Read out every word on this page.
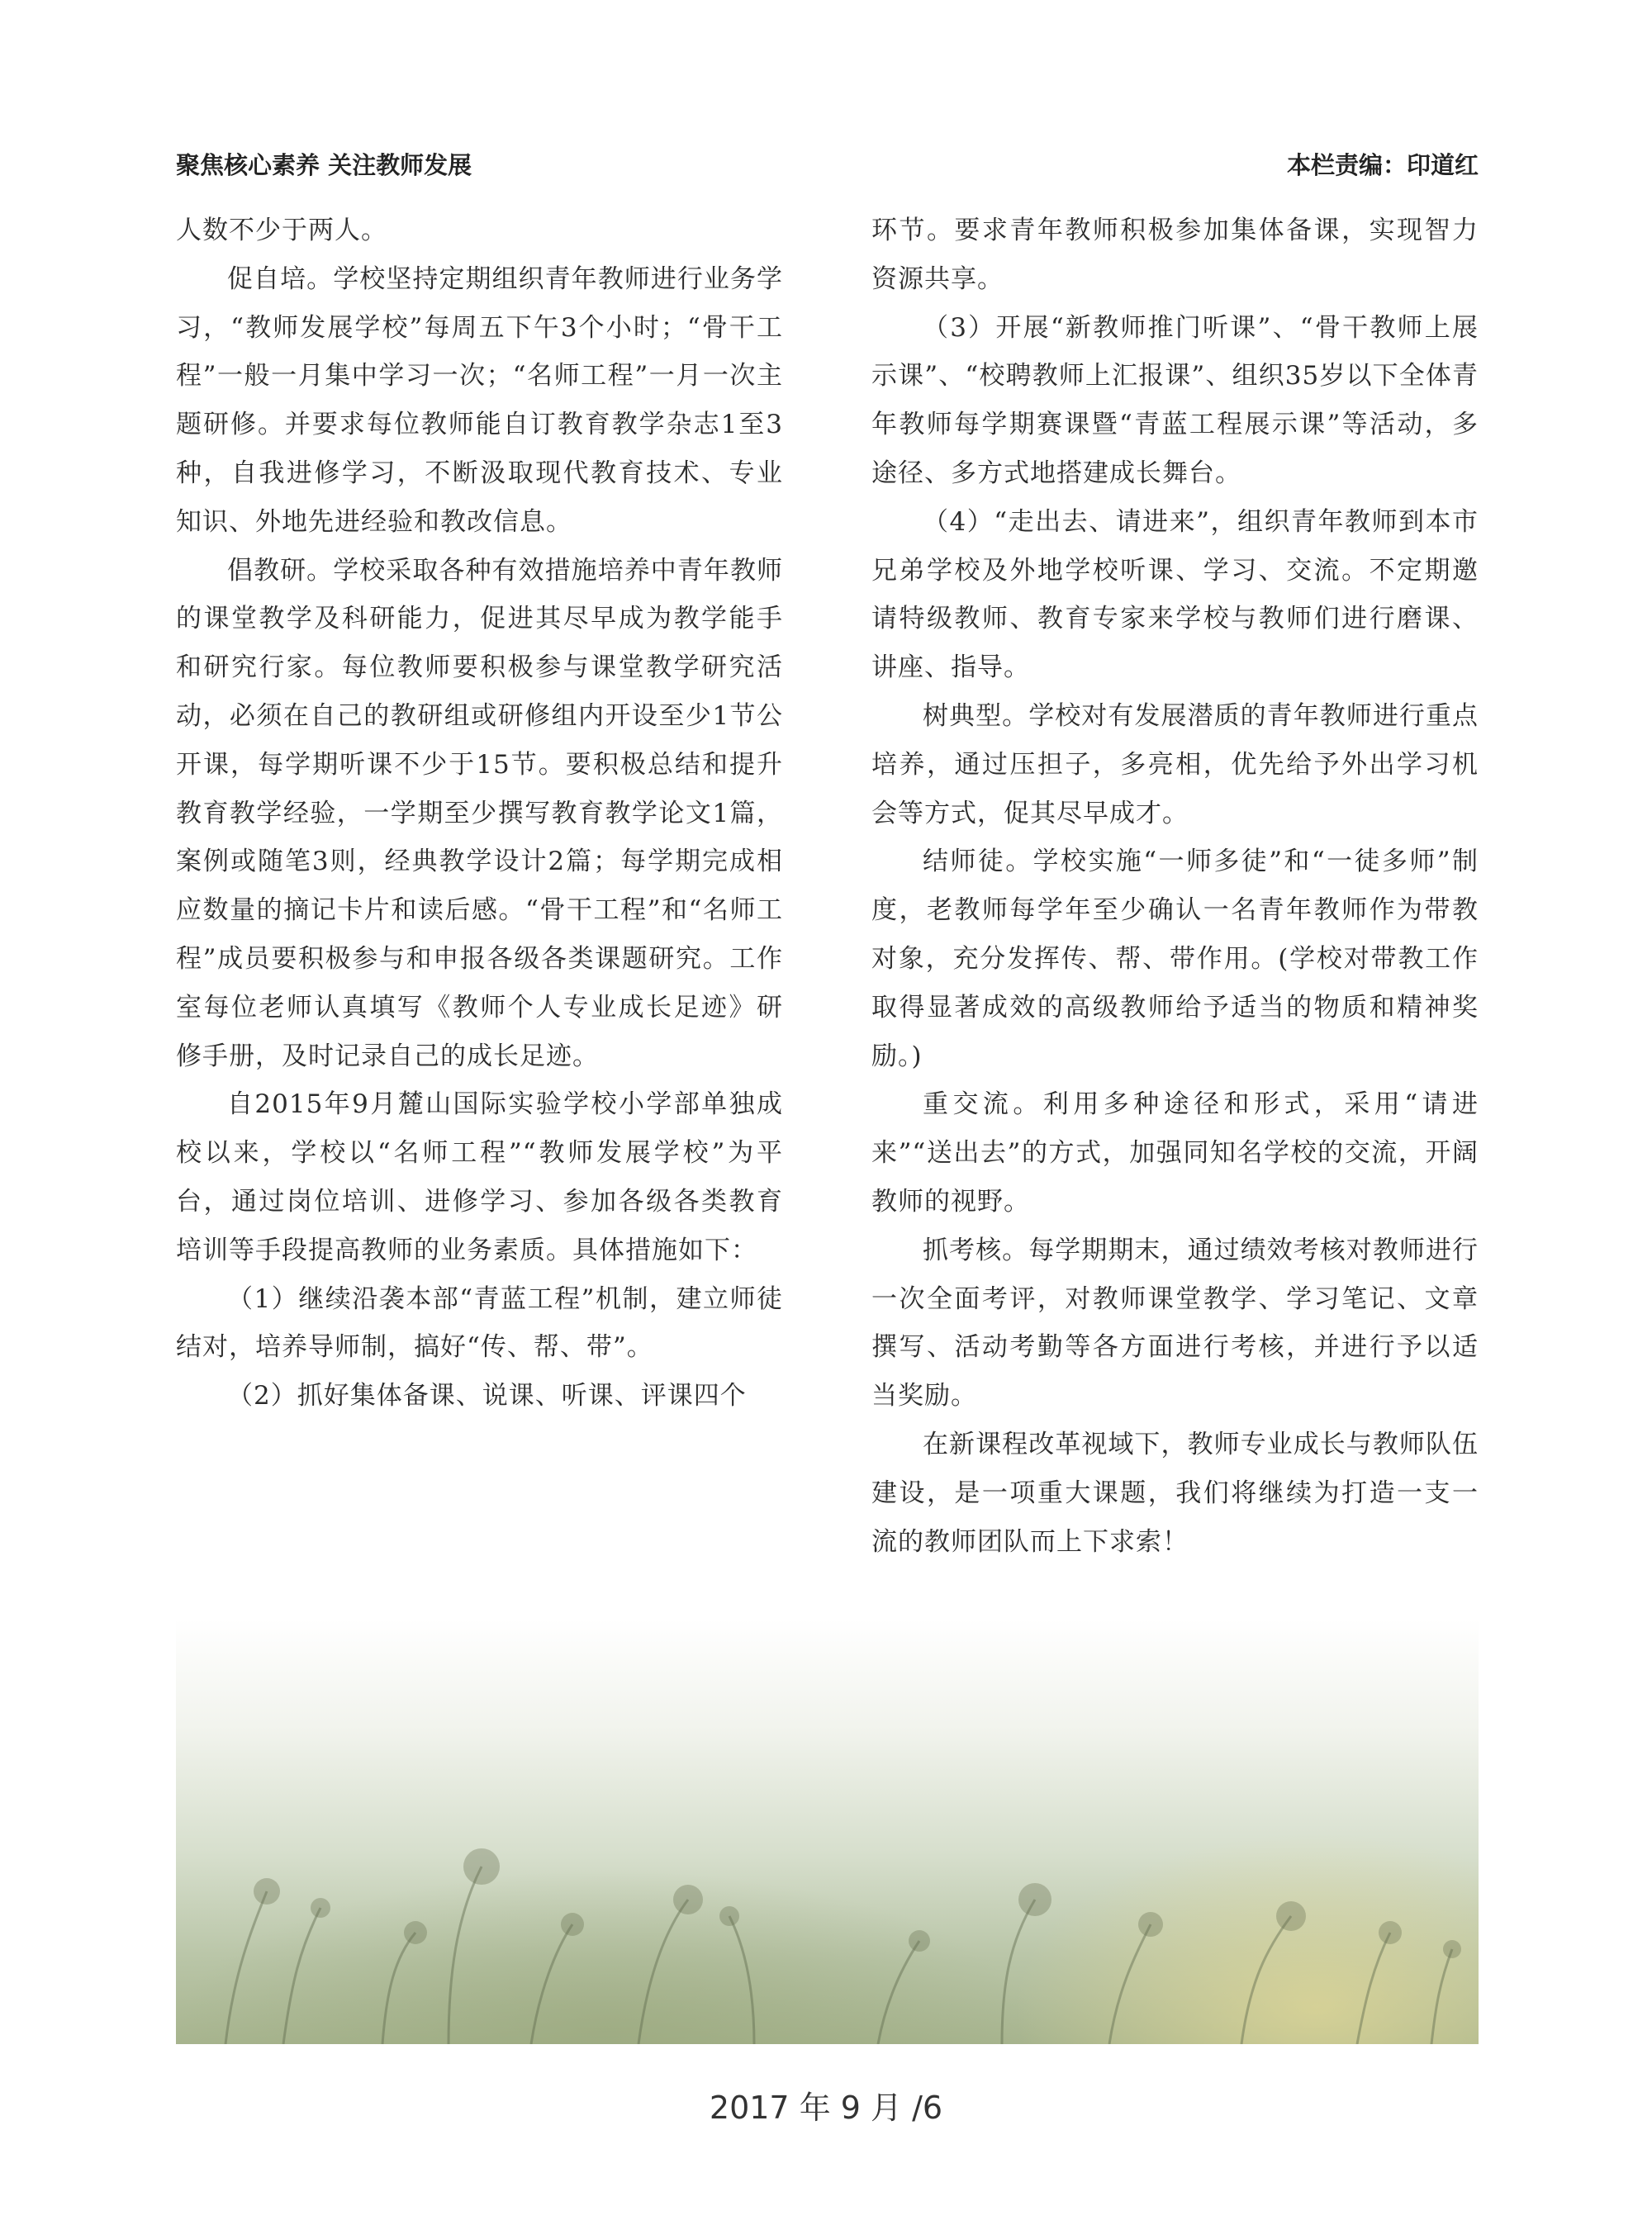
聚焦核心素养 关注教师发展	本栏责编：印道红

人数不少于两人。

促自培。学校坚持定期组织青年教师进行业务学习，“教师发展学校”每周五下午3个小时；“骨干工程”一般一月集中学习一次；“名师工程”一月一次主题研修。并要求每位教师能自订教育教学杂志1至3种，自我进修学习，不断汲取现代教育技术、专业知识、外地先进经验和教改信息。

倡教研。学校采取各种有效措施培养中青年教师的课堂教学及科研能力，促进其尽早成为教学能手和研究行家。每位教师要积极参与课堂教学研究活动，必须在自己的教研组或研修组内开设至少1节公开课，每学期听课不少于15节。要积极总结和提升教育教学经验，一学期至少撰写教育教学论文1篇，案例或随笔3则，经典教学设计2篇；每学期完成相应数量的摘记卡片和读后感。“骨干工程”和“名师工程”成员要积极参与和申报各级各类课题研究。工作室每位老师认真填写《教师个人专业成长足迹》研修手册，及时记录自己的成长足迹。

自2015年9月麓山国际实验学校小学部单独成校以来，学校以“名师工程”“教师发展学校”为平台，通过岗位培训、进修学习、参加各级各类教育培训等手段提高教师的业务素质。具体措施如下：

（1）继续沿袭本部“青蓝工程”机制，建立师徒结对，培养导师制，搞好“传、帮、带”。

（2）抓好集体备课、说课、听课、评课四个

环节。要求青年教师积极参加集体备课，实现智力资源共享。

（3）开展“新教师推门听课”、“骨干教师上展示课”、“校聘教师上汇报课”、组织35岁以下全体青年教师每学期赛课暨“青蓝工程展示课”等活动，多途径、多方式地搭建成长舞台。

（4）“走出去、请进来”，组织青年教师到本市兄弟学校及外地学校听课、学习、交流。不定期邀请特级教师、教育专家来学校与教师们进行磨课、讲座、指导。

树典型。学校对有发展潜质的青年教师进行重点培养，通过压担子，多亮相，优先给予外出学习机会等方式，促其尽早成才。

结师徒。学校实施“一师多徒”和“一徒多师”制度，老教师每学年至少确认一名青年教师作为带教对象，充分发挥传、帮、带作用。(学校对带教工作取得显著成效的高级教师给予适当的物质和精神奖励。)

重交流。利用多种途径和形式，采用“请进来”“送出去”的方式，加强同知名学校的交流，开阔教师的视野。

抓考核。每学期期末，通过绩效考核对教师进行一次全面考评，对教师课堂教学、学习笔记、文章撰写、活动考勤等各方面进行考核，并进行予以适当奖励。

在新课程改革视域下，教师专业成长与教师队伍建设，是一项重大课题，我们将继续为打造一支一流的教师团队而上下求索！

2017 年 9 月 /6
